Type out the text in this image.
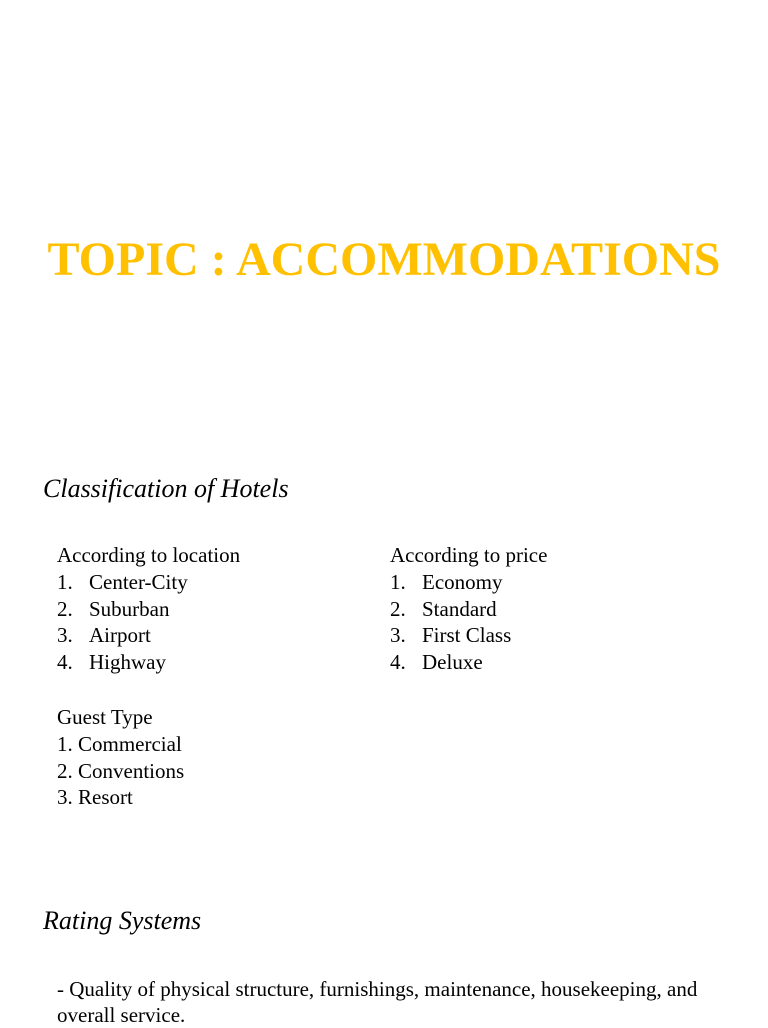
TOPIC : ACCOMMODATIONS
Classification of Hotels
According to location
1. Center-City
2. Suburban
3. Airport
4. Highway
According to price
1. Economy
2. Standard
3. First Class
4. Deluxe
Guest Type
1.
Commercial
2.
Conventions
3.
Resort
Rating Systems

- Quality of physical structure, furnishings, maintenance, housekeeping, and overall service.
